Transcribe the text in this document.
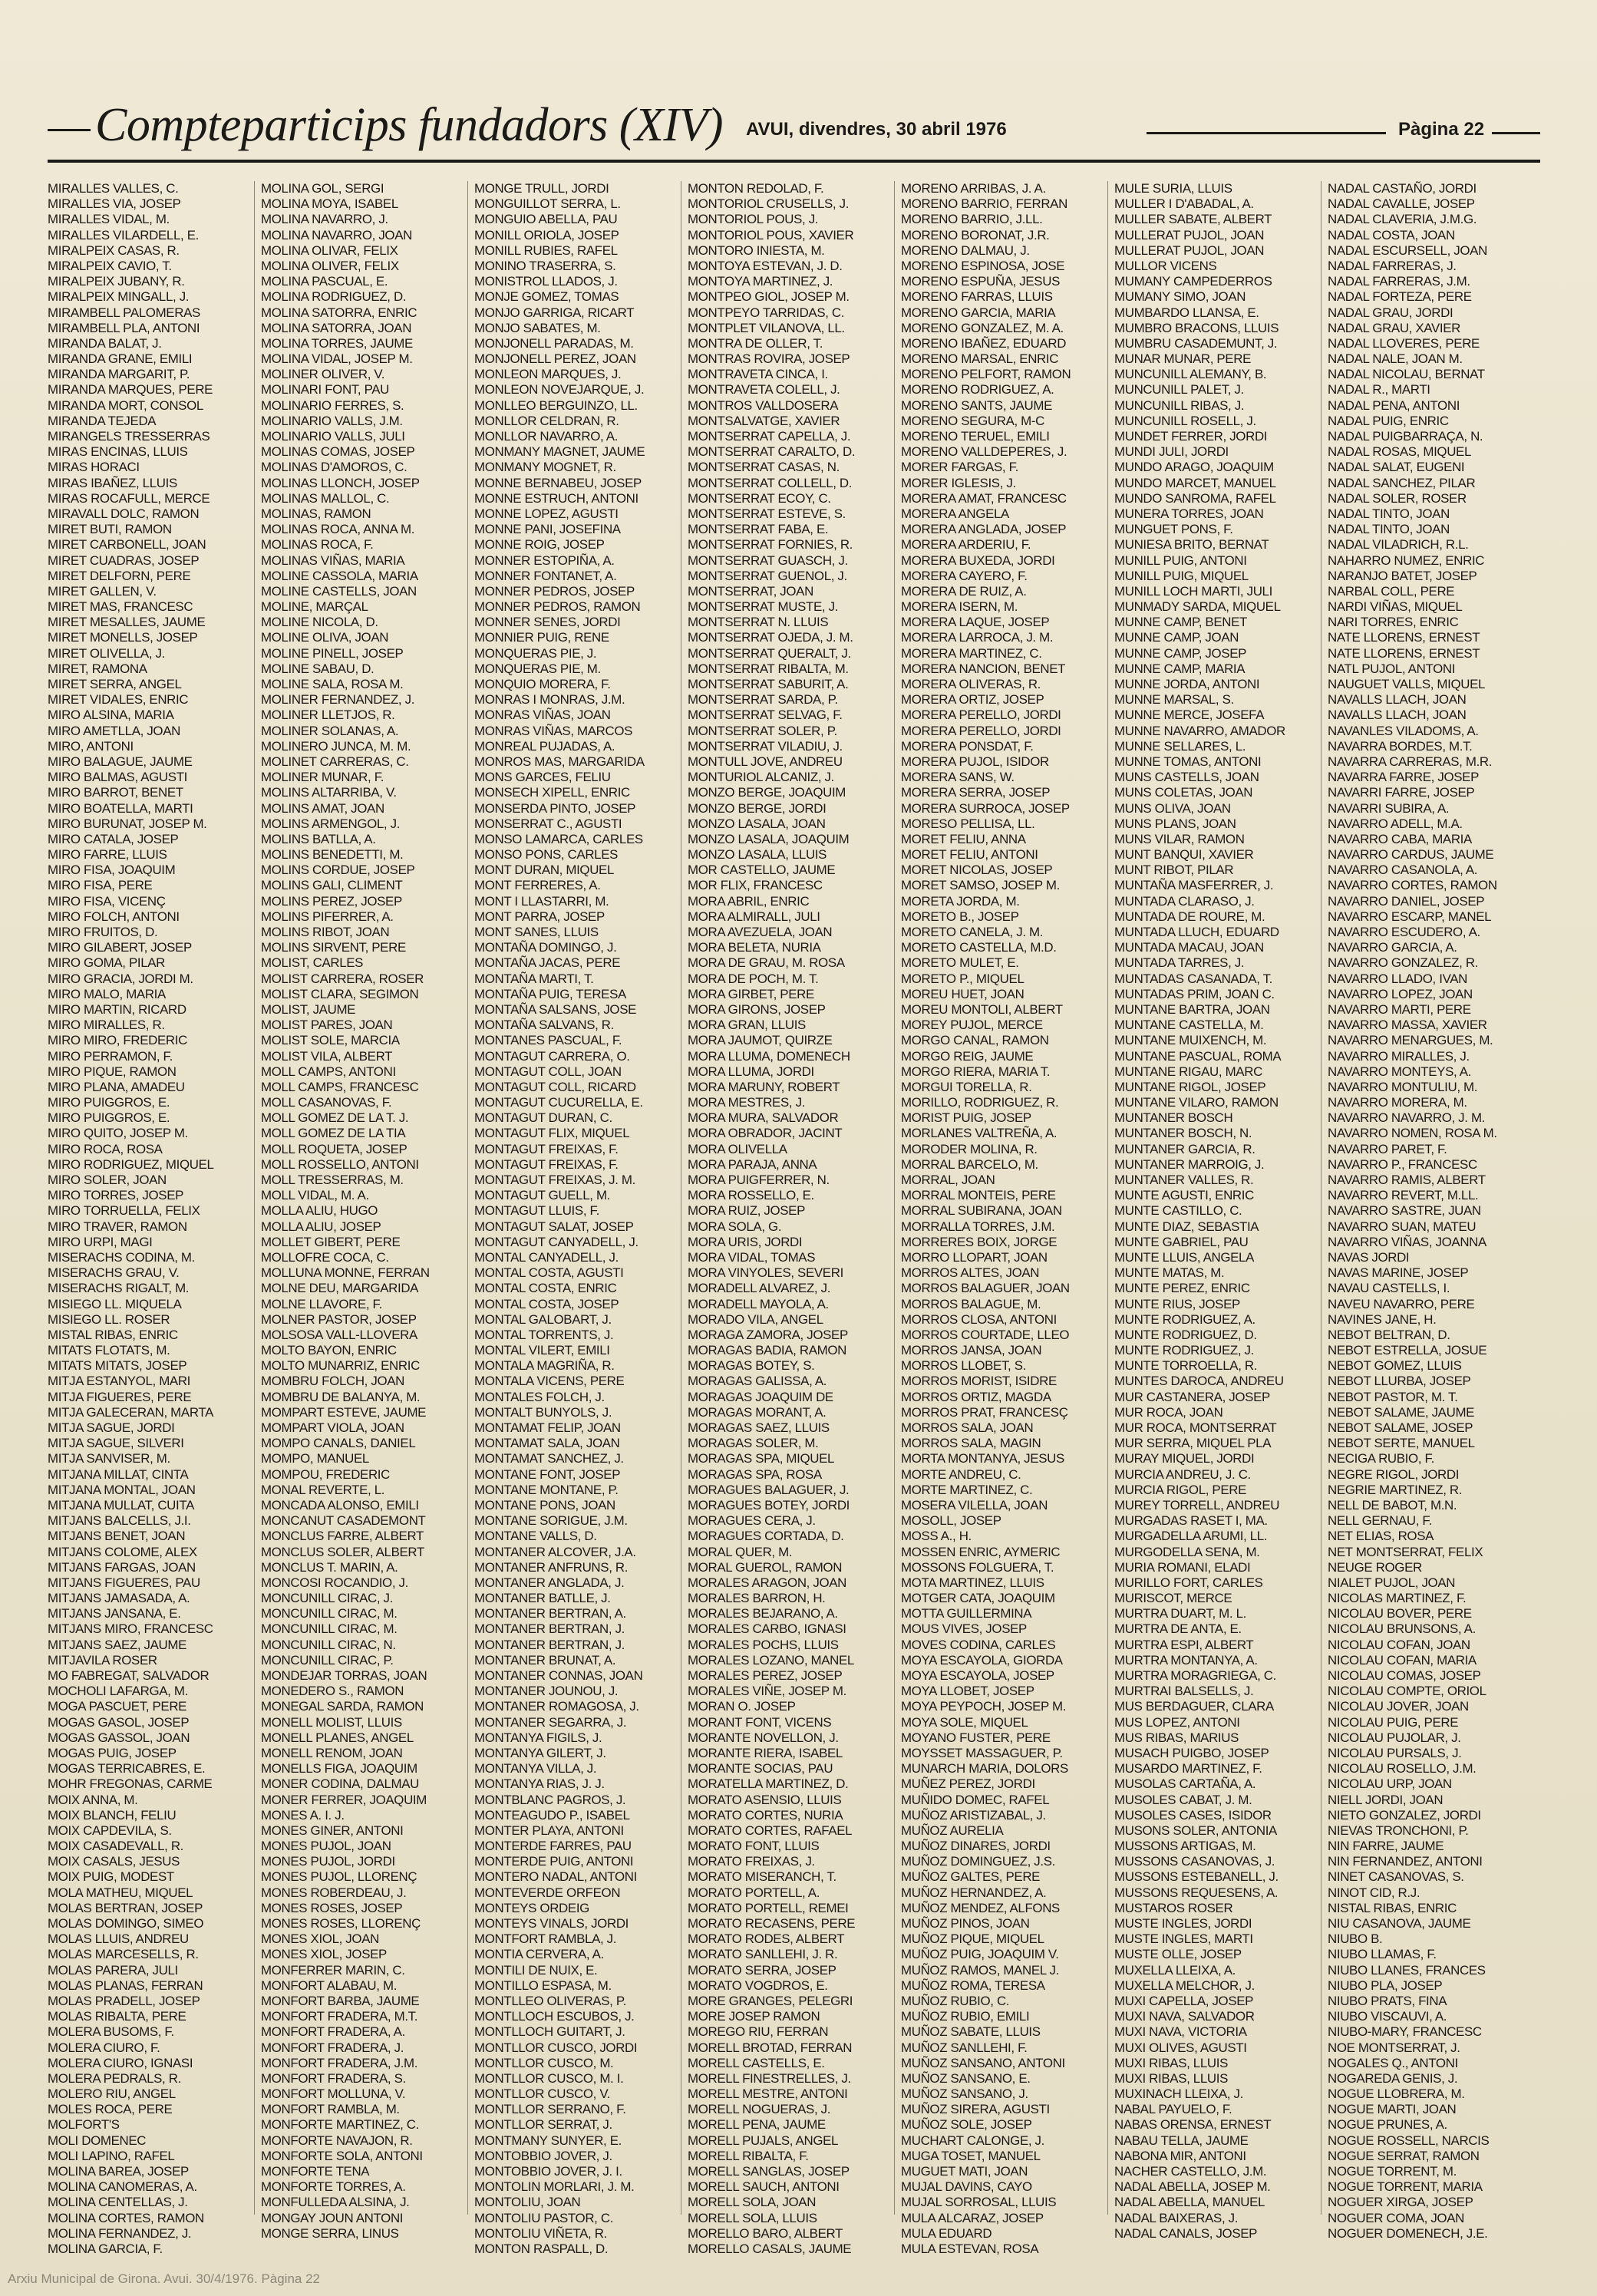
Compteparticips fundadors (XIV) AVUI, divendres, 30 abril 1976	Pàgina 22
MIRALLES VALLES, C.
MIRALLES VIA, JOSEP
MIRALLES VIDAL, M.
MIRALLES VILARDELL, E.
MIRALPEIX CASAS, R.
MIRALPEIX CAVIO, T.
MIRALPEIX JUBANY, R.
MIRALPEIX MINGALL, J.
MIRAMBELL PALOMERAS
MIRAMBELL PLA, ANTONI
MIRANDA BALAT, J.
MIRANDA GRANE, EMILI
MIRANDA MARGARIT, P.
MIRANDA MARQUES, PERE
MIRANDA MORT, CONSOL
MIRANDA TEJEDA
MIRANGELS TRESSERRAS
MIRAS ENCINAS, LLUIS
MIRAS HORACI
MIRAS IBAÑEZ, LLUIS
MIRAS ROCAFULL, MERCE
MIRAVALL DOLC, RAMON
MIRET BUTI, RAMON
MIRET CARBONELL, JOAN
MIRET CUADRAS, JOSEP
MIRET DELFORN, PERE
MIRET GALLEN, V.
MIRET MAS, FRANCESC
MIRET MESALLES, JAUME
MIRET MONELLS, JOSEP
MIRET OLIVELLA, J.
MIRET, RAMONA
MIRET SERRA, ANGEL
MIRET VIDALES, ENRIC
MIRO ALSINA, MARIA
MIRO AMETLLA, JOAN
MIRO, ANTONI
MIRO BALAGUE, JAUME
MIRO BALMAS, AGUSTI
MIRO BARROT, BENET
MIRO BOATELLA, MARTI
MIRO BURUNAT, JOSEP M.
MIRO CATALA, JOSEP
MIRO FARRE, LLUIS
MIRO FISA, JOAQUIM
MIRO FISA, PERE
MIRO FISA, VICENÇ
MIRO FOLCH, ANTONI
MIRO FRUITOS, D.
MIRO GILABERT, JOSEP
MIRO GOMA, PILAR
MIRO GRACIA, JORDI M.
MIRO MALO, MARIA
MIRO MARTIN, RICARD
MIRO MIRALLES, R.
MIRO MIRO, FREDERIC
MIRO PERRAMON, F.
MIRO PIQUE, RAMON
MIRO PLANA, AMADEU
MIRO PUIGGROS, E.
MIRO PUIGGROS, E.
MIRO QUITO, JOSEP M.
MIRO ROCA, ROSA
MIRO RODRIGUEZ, MIQUEL
MIRO SOLER, JOAN
MIRO TORRES, JOSEP
MIRO TORRUELLA, FELIX
MIRO TRAVER, RAMON
MIRO URPI, MAGI
MISERACHS CODINA, M.
MISERACHS GRAU, V.
MISERACHS RIGALT, M.
MISIEGO LL. MIQUELA
MISIEGO LL. ROSER
MISTAL RIBAS, ENRIC
MITATS FLOTATS, M.
MITATS MITATS, JOSEP
MITJA ESTANYOL, MARI
MITJA FIGUERES, PERE
MITJA GALECERAN, MARTA
MITJA SAGUE, JORDI
MITJA SAGUE, SILVERI
MITJA SANVISER, M.
MITJANA MILLAT, CINTA
MITJANA MONTAL, JOAN
MITJANA MULLAT, CUITA
MITJANS BALCELLS, J.I.
MITJANS BENET, JOAN
MITJANS COLOME, ALEX
MITJANS FARGAS, JOAN
MITJANS FIGUERES, PAU
MITJANS JAMASADA, A.
MITJANS JANSANA, E.
MITJANS MIRO, FRANCESC
MITJANS SAEZ, JAUME
MITJAVILA ROSER
MO FABREGAT, SALVADOR
MOCHOLI LAFARGA, M.
MOGA PASCUET, PERE
MOGAS GASOL, JOSEP
MOGAS GASSOL, JOAN
MOGAS PUIG, JOSEP
MOGAS TERRICABRES, E.
MOHR FREGONAS, CARME
MOIX ANNA, M.
MOIX BLANCH, FELIU
MOIX CAPDEVILA, S.
MOIX CASADEVALL, R.
MOIX CASALS, JESUS
MOIX PUIG, MODEST
MOLA MATHEU, MIQUEL
MOLAS BERTRAN, JOSEP
MOLAS DOMINGO, SIMEO
MOLAS LLUIS, ANDREU
MOLAS MARCESELLS, R.
MOLAS PARERA, JULI
MOLAS PLANAS, FERRAN
MOLAS PRADELL, JOSEP
MOLAS RIBALTA, PERE
MOLERA BUSOMS, F.
MOLERA CIURO, F.
MOLERA CIURO, IGNASI
MOLERA PEDRALS, R.
MOLERO RIU, ANGEL
MOLES ROCA, PERE
MOLFORT'S
MOLI DOMENEC
MOLI LAPINO, RAFEL
MOLINA BAREA, JOSEP
MOLINA CANOMERAS, A.
MOLINA CENTELLAS, J.
MOLINA CORTES, RAMON
MOLINA FERNANDEZ, J.
MOLINA GARCIA, F.
MOLINA GOL, SERGI
MOLINA MOYA, ISABEL
MOLINA NAVARRO, J.
MOLINA NAVARRO, JOAN
MOLINA OLIVAR, FELIX
MOLINA OLIVER, FELIX
MOLINA PASCUAL, E.
MOLINA RODRIGUEZ, D.
MOLINA SATORRA, ENRIC
MOLINA SATORRA, JOAN
MOLINA TORRES, JAUME
MOLINA VIDAL, JOSEP M.
MOLINER OLIVER, V.
MOLINARI FONT, PAU
MOLINARIO FERRES, S.
MOLINARIO VALLS, J.M.
MOLINARIO VALLS, JULI
MOLINAS COMAS, JOSEP
MOLINAS D'AMOROS, C.
MOLINAS LLONCH, JOSEP
MOLINAS MALLOL, C.
MOLINAS, RAMON
MOLINAS ROCA, ANNA M.
MOLINAS ROCA, F.
MOLINAS VIÑAS, MARIA
MOLINE CASSOLA, MARIA
MOLINE CASTELLS, JOAN
MOLINE, MARÇAL
MOLINE NICOLA, D.
MOLINE OLIVA, JOAN
MOLINE PINELL, JOSEP
MOLINE SABAU, D.
MOLINE SALA, ROSA M.
MOLINER FERNANDEZ, J.
MOLINER LLETJOS, R.
MOLINER SOLANAS, A.
MOLINERO JUNCA, M. M.
MOLINET CARRERAS, C.
MOLINER MUNAR, F.
MOLINS ALTARRIBA, V.
MOLINS AMAT, JOAN
MOLINS ARMENGOL, J.
MOLINS BATLLA, A.
MOLINS BENEDETTI, M.
MOLINS CORDUE, JOSEP
MOLINS GALI, CLIMENT
MOLINS PEREZ, JOSEP
MOLINS PIFERRER, A.
MOLINS RIBOT, JOAN
MOLINS SIRVENT, PERE
MOLIST, CARLES
MOLIST CARRERA, ROSER
MOLIST CLARA, SEGIMON
MOLIST, JAUME
MOLIST PARES, JOAN
MOLIST SOLE, MARCIA
MOLIST VILA, ALBERT
MOLL CAMPS, ANTONI
MOLL CAMPS, FRANCESC
MOLL CASANOVAS, F.
MOLL GOMEZ DE LA T. J.
MOLL GOMEZ DE LA TIA
MOLL ROQUETA, JOSEP
MOLL ROSSELLO, ANTONI
MOLL TRESSERRAS, M.
MOLL VIDAL, M. A.
MOLLA ALIU, HUGO
MOLLA ALIU, JOSEP
MOLLET GIBERT, PERE
MOLLOFRE COCA, C.
MOLLUNA MONNE, FERRAN
MOLNE DEU, MARGARIDA
MOLNE LLAVORE, F.
MOLNER PASTOR, JOSEP
MOLSOSA VALL-LLOVERA
MOLTO BAYON, ENRIC
MOLTO MUNARRIZ, ENRIC
MOMBRU FOLCH, JOAN
MOMBRU DE BALANYA, M.
MOMPART ESTEVE, JAUME
MOMPART VIOLA, JOAN
MOMPO CANALS, DANIEL
MOMPO, MANUEL
MOMPOU, FREDERIC
MONAL REVERTE, L.
MONCADA ALONSO, EMILI
MONCANUT CASADEMONT
MONCLUS FARRE, ALBERT
MONCLUS SOLER, ALBERT
MONCLUS T. MARIN, A.
MONCOSI ROCANDIO, J.
MONCUNILL CIRAC, J.
MONCUNILL CIRAC, M.
MONCUNILL CIRAC, M.
MONCUNILL CIRAC, N.
MONCUNILL CIRAC, P.
MONDEJAR TORRAS, JOAN
MONEDERO S., RAMON
MONEGAL SARDA, RAMON
MONELL MOLIST, LLUIS
MONELL PLANES, ANGEL
MONELL RENOM, JOAN
MONELLS FIGA, JOAQUIM
MONER CODINA, DALMAU
MONER FERRER, JOAQUIM
MONES A. I. J.
MONES GINER, ANTONI
MONES PUJOL, JOAN
MONES PUJOL, JORDI
MONES PUJOL, LLORENÇ
MONES ROBERDEAU, J.
MONES ROSES, JOSEP
MONES ROSES, LLORENÇ
MONES XIOL, JOAN
MONES XIOL, JOSEP
MONFERRER MARIN, C.
MONFORT ALABAU, M.
MONFORT BARBA, JAUME
MONFORT FRADERA, M.T.
MONFORT FRADERA, A.
MONFORT FRADERA, J.
MONFORT FRADERA, J.M.
MONFORT FRADERA, S.
MONFORT MOLLUNA, V.
MONFORT RAMBLA, M.
MONFORTE MARTINEZ, C.
MONFORTE NAVAJON, R.
MONFORTE SOLA, ANTONI
MONFORTE TENA
MONFORTE TORRES, A.
MONFULLEDA ALSINA, J.
MONGAY JOUN ANTONI
MONGE SERRA, LINUS
MONGE TRULL, JORDI
MONGUILLOT SERRA, L.
MONGUIO ABELLA, PAU
MONILL ORIOLA, JOSEP
MONILL RUBIES, RAFEL
MONINO TRASERRA, S.
MONISTROL LLADOS, J.
MONJE GOMEZ, TOMAS
MONJO GARRIGA, RICART
MONJO SABATES, M.
MONJONELL PARADAS, M.
MONJONELL PEREZ, JOAN
MONLEON MARQUES, J.
MONLEON NOVEJARQUE, J.
MONLLEO BERGUINZO, LL.
MONLLOR CELDRAN, R.
MONLLOR NAVARRO, A.
MONMANY MAGNET, JAUME
MONMANY MOGNET, R.
MONNE BERNABEU, JOSEP
MONNE ESTRUCH, ANTONI
MONNE LOPEZ, AGUSTI
MONNE PANI, JOSEFINA
MONNE ROIG, JOSEP
MONNER ESTOPIÑA, A.
MONNER FONTANET, A.
MONNER PEDROS, JOSEP
MONNER PEDROS, RAMON
MONNER SENES, JORDI
MONNIER PUIG, RENE
MONQUERAS PIE, J.
MONQUERAS PIE, M.
MONQUIO MORERA, F.
MONRAS I MONRAS, J.M.
MONRAS VIÑAS, JOAN
MONRAS VIÑAS, MARCOS
MONREAL PUJADAS, A.
MONROS MAS, MARGARIDA
MONS GARCES, FELIU
MONSECH XIPELL, ENRIC
MONSERDA PINTO, JOSEP
MONSERRAT C., AGUSTI
MONSO LAMARCA, CARLES
MONSO PONS, CARLES
MONT DURAN, MIQUEL
MONT FERRERES, A.
MONT I LLASTARRI, M.
MONT PARRA, JOSEP
MONT SANES, LLUIS
MONTAÑA DOMINGO, J.
MONTAÑA JACAS, PERE
MONTAÑA MARTI, T.
MONTAÑA PUIG, TERESA
MONTAÑA SALSANS, JOSE
MONTAÑA SALVANS, R.
MONTANES PASCUAL, F.
MONTAGUT CARRERA, O.
MONTAGUT COLL, JOAN
MONTAGUT COLL, RICARD
MONTAGUT CUCURELLA, E.
MONTAGUT DURAN, C.
MONTAGUT FLIX, MIQUEL
MONTAGUT FREIXAS, F.
MONTAGUT FREIXAS, F.
MONTAGUT FREIXAS, J. M.
MONTAGUT GUELL, M.
MONTAGUT LLUIS, F.
MONTAGUT SALAT, JOSEP
MONTAGUT CANYADELL, J.
MONTAL CANYADELL, J.
MONTAL COSTA, AGUSTI
MONTAL COSTA, ENRIC
MONTAL COSTA, JOSEP
MONTAL GALOBART, J.
MONTAL TORRENTS, J.
MONTAL VILERT, EMILI
MONTALA MAGRIÑA, R.
MONTALA VICENS, PERE
MONTALES FOLCH, J.
MONTALT BUNYOLS, J.
MONTAMAT FELIP, JOAN
MONTAMAT SALA, JOAN
MONTAMAT SANCHEZ, J.
MONTANE FONT, JOSEP
MONTANE MONTANE, P.
MONTANE PONS, JOAN
MONTANE SORIGUE, J.M.
MONTANE VALLS, D.
MONTANER ALCOVER, J.A.
MONTANER ANFRUNS, R.
MONTANER ANGLADA, J.
MONTANER BATLLE, J.
MONTANER BERTRAN, A.
MONTANER BERTRAN, J.
MONTANER BERTRAN, J.
MONTANER BRUNAT, A.
MONTANER CONNAS, JOAN
MONTANER JOUNOU, J.
MONTANER ROMAGOSA, J.
MONTANER SEGARRA, J.
MONTANYA FIGILS, J.
MONTANYA GILERT, J.
MONTANYA VILLA, J.
MONTANYA RIAS, J. J.
MONTBLANC PAGROS, J.
MONTEAGUDO P., ISABEL
MONTER PLAYA, ANTONI
MONTERDE FARRES, PAU
MONTERDE PUIG, ANTONI
MONTERO NADAL, ANTONI
MONTEVERDE ORFEON
MONTEYS ORDEIG
MONTEYS VINALS, JORDI
MONTFORT RAMBLA, J.
MONTIA CERVERA, A.
MONTILI DE NUIX, E.
MONTILLO ESPASA, M.
MONTLLEO OLIVERAS, P.
MONTLLOCH ESCUBOS, J.
MONTLLOCH GUITART, J.
MONTLLOR CUSCO, JORDI
MONTLLOR CUSCO, M.
MONTLLOR CUSCO, M. I.
MONTLLOR CUSCO, V.
MONTLLOR SERRANO, F.
MONTLLOR SERRAT, J.
MONTMANY SUNYER, E.
MONTOBBIO JOVER, J.
MONTOBBIO JOVER, J. I.
MONTOLIN MORLARI, J. M.
MONTOLIU, JOAN
MONTOLIU PASTOR, C.
MONTOLIU VIÑETA, R.
MONTON RASPALL, D.
MONTON REDOLAD, F.
MONTORIOL CRUSELLS, J.
MONTORIOL POUS, J.
MONTORIOL POUS, XAVIER
MONTORO INIESTA, M.
MONTOYA ESTEVAN, J. D.
MONTOYA MARTINEZ, J.
MONTPEO GIOL, JOSEP M.
MONTPEYO TARRIDAS, C.
MONTPLET VILANOVA, LL.
MONTRA DE OLLER, T.
MONTRAS ROVIRA, JOSEP
MONTRAVETA CINCA, I.
MONTRAVETA COLELL, J.
MONTROS VALLDOSERA
MONTSALVATGE, XAVIER
MONTSERRAT CAPELLA, J.
MONTSERRAT CARALTO, D.
MONTSERRAT CASAS, N.
MONTSERRAT COLLELL, D.
MONTSERRAT ECOY, C.
MONTSERRAT ESTEVE, S.
MONTSERRAT FABA, E.
MONTSERRAT FORNIES, R.
MONTSERRAT GUASCH, J.
MONTSERRAT GUENOL, J.
MONTSERRAT, JOAN
MONTSERRAT MUSTE, J.
MONTSERRAT N. LLUIS
MONTSERRAT OJEDA, J. M.
MONTSERRAT QUERALT, J.
MONTSERRAT RIBALTA, M.
MONTSERRAT SABURIT, A.
MONTSERRAT SARDA, P.
MONTSERRAT SELVAG, F.
MONTSERRAT SOLER, P.
MONTSERRAT VILADIU, J.
MONTULL JOVE, ANDREU
MONTURIOL ALCANIZ, J.
MONZO BERGE, JOAQUIM
MONZO BERGE, JORDI
MONZO LASALA, JOAN
MONZO LASALA, JOAQUIM
MONZO LASALA, LLUIS
MOR CASTELLO, JAUME
MOR FLIX, FRANCESC
MORA ABRIL, ENRIC
MORA ALMIRALL, JULI
MORA AVEZUELA, JOAN
MORA BELETA, NURIA
MORA DE GRAU, M. ROSA
MORA DE POCH, M. T.
MORA GIRBET, PERE
MORA GIRONS, JOSEP
MORA GRAN, LLUIS
MORA JAUMOT, QUIRZE
MORA LLUMA, DOMENECH
MORA LLUMA, JORDI
MORA MARUNY, ROBERT
MORA MESTRES, J.
MORA MURA, SALVADOR
MORA OBRADOR, JACINT
MORA OLIVELLA
MORA PARAJA, ANNA
MORA PUIGFERRER, N.
MORA ROSSELLO, E.
MORA RUIZ, JOSEP
MORA SOLA, G.
MORA URIS, JORDI
MORA VIDAL, TOMAS
MORA VINYOLES, SEVERI
MORADELL ALVAREZ, J.
MORADELL MAYOLA, A.
MORADO VILA, ANGEL
MORAGA ZAMORA, JOSEP
MORAGAS BADIA, RAMON
MORAGAS BOTEY, S.
MORAGAS GALISSA, A.
MORAGAS JOAQUIM DE
MORAGAS MORANT, A.
MORAGAS SAEZ, LLUIS
MORAGAS SOLER, M.
MORAGAS SPA, MIQUEL
MORAGAS SPA, ROSA
MORAGUES BALAGUER, J.
MORAGUES BOTEY, JORDI
MORAGUES CERA, J.
MORAGUES CORTADA, D.
MORAL QUER, M.
MORAL GUEROL, RAMON
MORALES ARAGON, JOAN
MORALES BARRON, H.
MORALES BEJARANO, A.
MORALES CARBO, IGNASI
MORALES POCHS, LLUIS
MORALES LOZANO, MANEL
MORALES PEREZ, JOSEP
MORALES VIÑE, JOSEP M.
MORAN O. JOSEP
MORANT FONT, VICENS
MORANTE NOVELLON, J.
MORANTE RIERA, ISABEL
MORANTE SOCIAS, PAU
MORATELLA MARTINEZ, D.
MORATO ASENSIO, LLUIS
MORATO CORTES, NURIA
MORATO CORTES, RAFAEL
MORATO FONT, LLUIS
MORATO FREIXAS, J.
MORATO MISERANCH, T.
MORATO PORTELL, A.
MORATO PORTELL, REMEI
MORATO RECASENS, PERE
MORATO RODES, ALBERT
MORATO SANLLEHI, J. R.
MORATO SERRA, JOSEP
MORATO VOGDROS, E.
MORE GRANGES, PELEGRI
MORE JOSEP RAMON
MOREGO RIU, FERRAN
MORELL BROTAD, FERRAN
MORELL CASTELLS, E.
MORELL FINESTRELLES, J.
MORELL MESTRE, ANTONI
MORELL NOGUERAS, J.
MORELL PENA, JAUME
MORELL PUJALS, ANGEL
MORELL RIBALTA, F.
MORELL SANGLAS, JOSEP
MORELL SAUCH, ANTONI
MORELL SOLA, JOAN
MORELL SOLA, LLUIS
MORELLO BARO, ALBERT
MORELLO CASALS, JAUME
MORENO ARRIBAS, J. A.
MORENO BARRIO, FERRAN
MORENO BARRIO, J.LL.
MORENO BORONAT, J.R.
MORENO DALMAU, J.
MORENO ESPINOSA, JOSE
MORENO ESPUÑA, JESUS
MORENO FARRAS, LLUIS
MORENO GARCIA, MARIA
MORENO GONZALEZ, M. A.
MORENO IBAÑEZ, EDUARD
MORENO MARSAL, ENRIC
MORENO PELFORT, RAMON
MORENO RODRIGUEZ, A.
MORENO SANTS, JAUME
MORENO SEGURA, M-C
MORENO TERUEL, EMILI
MORENO VALLDEPERES, J.
MORER FARGAS, F.
MORER IGLESIS, J.
MORERA AMAT, FRANCESC
MORERA ANGELA
MORERA ANGLADA, JOSEP
MORERA ARDERIU, F.
MORERA BUXEDA, JORDI
MORERA CAYERO, F.
MORERA DE RUIZ, A.
MORERA ISERN, M.
MORERA LAQUE, JOSEP
MORERA LARROCA, J. M.
MORERA MARTINEZ, C.
MORERA NANCION, BENET
MORERA OLIVERAS, R.
MORERA ORTIZ, JOSEP
MORERA PERELLO, JORDI
MORERA PERELLO, JORDI
MORERA PONSDAT, F.
MORERA PUJOL, ISIDOR
MORERA SANS, W.
MORERA SERRA, JOSEP
MORERA SURROCA, JOSEP
MORESO PELLISA, LL.
MORET FELIU, ANNA
MORET FELIU, ANTONI
MORET NICOLAS, JOSEP
MORET SAMSO, JOSEP M.
MORETA JORDA, M.
MORETO B., JOSEP
MORETO CANELA, J. M.
MORETO CASTELLA, M.D.
MORETO MULET, E.
MORETO P., MIQUEL
MOREU HUET, JOAN
MOREU MONTOLI, ALBERT
MOREY PUJOL, MERCE
MORGO CANAL, RAMON
MORGO REIG, JAUME
MORGO RIERA, MARIA T.
MORGUI TORELLA, R.
MORILLO, RODRIGUEZ, R.
MORIST PUIG, JOSEP
MORLANES VALTREÑA, A.
MORODER MOLINA, R.
MORRAL BARCELO, M.
MORRAL, JOAN
MORRAL MONTEIS, PERE
MORRAL SUBIRANA, JOAN
MORRALLA TORRES, J.M.
MORRERES BOIX, JORGE
MORRO LLOPART, JOAN
MORROS ALTES, JOAN
MORROS BALAGUER, JOAN
MORROS BALAGUE, M.
MORROS CLOSA, ANTONI
MORROS COURTADE, LLEO
MORROS JANSA, JOAN
MORROS LLOBET, S.
MORROS MORIST, ISIDRE
MORROS ORTIZ, MAGDA
MORROS PRAT, FRANCESÇ
MORROS SALA, JOAN
MORROS SALA, MAGIN
MORTA MONTANYA, JESUS
MORTE ANDREU, C.
MORTE MARTINEZ, C.
MOSERA VILELLA, JOAN
MOSOLL, JOSEP
MOSS A., H.
MOSSEN ENRIC, AYMERIC
MOSSONS FOLGUERA, T.
MOTA MARTINEZ, LLUIS
MOTGER CATA, JOAQUIM
MOTTA GUILLERMINA
MOUS VIVES, JOSEP
MOVES CODINA, CARLES
MOYA ESCAYOLA, GIORDA
MOYA ESCAYOLA, JOSEP
MOYA LLOBET, JOSEP
MOYA PEYPOCH, JOSEP M.
MOYA SOLE, MIQUEL
MOYANO FUSTER, PERE
MOYSSET MASSAGUER, P.
MUNARCH MARIA, DOLORS
MUÑEZ PEREZ, JORDI
MUÑIDO DOMEC, RAFEL
MUÑOZ ARISTIZABAL, J.
MUÑOZ AURELIA
MUÑOZ DINARES, JORDI
MUÑOZ DOMINGUEZ, J.S.
MUÑOZ GALTES, PERE
MUÑOZ HERNANDEZ, A.
MUÑOZ MENDEZ, ALFONS
MUÑOZ PINOS, JOAN
MUÑOZ PIQUE, MIQUEL
MUÑOZ PUIG, JOAQUIM V.
MUÑOZ RAMOS, MANEL J.
MUÑOZ ROMA, TERESA
MUÑOZ RUBIO, C.
MUÑOZ RUBIO, EMILI
MUÑOZ SABATE, LLUIS
MUÑOZ SANLLEHI, F.
MUÑOZ SANSANO, ANTONI
MUÑOZ SANSANO, E.
MUÑOZ SANSANO, J.
MUÑOZ SIRERA, AGUSTI
MUÑOZ SOLE, JOSEP
MUCHART CALONGE, J.
MUGA TOSET, MANUEL
MUGUET MATI, JOAN
MUJAL DAVINS, CAYO
MUJAL SORROSAL, LLUIS
MULA ALCARAZ, JOSEP
MULA EDUARD
MULA ESTEVAN, ROSA
MULE SURIA, LLUIS
MULLER I D'ABADAL, A.
MULLER SABATE, ALBERT
MULLERAT PUJOL, JOAN
MULLERAT PUJOL, JOAN
MULLOR VICENS
MUMANY CAMPEDERROS
MUMANY SIMO, JOAN
MUMBARDO LLANSA, E.
MUMBRO BRACONS, LLUIS
MUMBRU CASADEMUNT, J.
MUNAR MUNAR, PERE
MUNCUNILL ALEMANY, B.
MUNCUNILL PALET, J.
MUNCUNILL RIBAS, J.
MUNCUNILL ROSELL, J.
MUNDET FERRER, JORDI
MUNDI JULI, JORDI
MUNDO ARAGO, JOAQUIM
MUNDO MARCET, MANUEL
MUNDO SANROMA, RAFEL
MUNERA TORRES, JOAN
MUNGUET PONS, F.
MUNIESA BRITO, BERNAT
MUNILL PUIG, ANTONI
MUNILL PUIG, MIQUEL
MUNILL LOCH MARTI, JULI
MUNMADY SARDA, MIQUEL
MUNNE CAMP, BENET
MUNNE CAMP, JOAN
MUNNE CAMP, JOSEP
MUNNE CAMP, MARIA
MUNNE JORDA, ANTONI
MUNNE MARSAL, S.
MUNNE MERCE, JOSEFA
MUNNE NAVARRO, AMADOR
MUNNE SELLARES, L.
MUNNE TOMAS, ANTONI
MUNS CASTELLS, JOAN
MUNS COLETAS, JOAN
MUNS OLIVA, JOAN
MUNS PLANS, JOAN
MUNS VILAR, RAMON
MUNT BANQUI, XAVIER
MUNT RIBOT, PILAR
MUNTAÑA MASFERRER, J.
MUNTADA CLARASO, J.
MUNTADA DE ROURE, M.
MUNTADA LLUCH, EDUARD
MUNTADA MACAU, JOAN
MUNTADA TARRES, J.
MUNTADAS CASANADA, T.
MUNTADAS PRIM, JOAN C.
MUNTANE BARTRA, JOAN
MUNTANE CASTELLA, M.
MUNTANE MUIXENCH, M.
MUNTANE PASCUAL, ROMA
MUNTANE RIGAU, MARC
MUNTANE RIGOL, JOSEP
MUNTANE VILARO, RAMON
MUNTANER BOSCH
MUNTANER BOSCH, N.
MUNTANER GARCIA, R.
MUNTANER MARROIG, J.
MUNTANER VALLES, R.
MUNTE AGUSTI, ENRIC
MUNTE CASTILLO, C.
MUNTE DIAZ, SEBASTIA
MUNTE GABRIEL, PAU
MUNTE LLUIS, ANGELA
MUNTE MATAS, M.
MUNTE PEREZ, ENRIC
MUNTE RIUS, JOSEP
MUNTE RODRIGUEZ, A.
MUNTE RODRIGUEZ, D.
MUNTE RODRIGUEZ, J.
MUNTE TORROELLA, R.
MUNTES DAROCA, ANDREU
MUR CASTANERA, JOSEP
MUR ROCA, JOAN
MUR ROCA, MONTSERRAT
MUR SERRA, MIQUEL PLA
MURAY MIQUEL, JORDI
MURCIA ANDREU, J. C.
MURCIA RIGOL, PERE
MUREY TORRELL, ANDREU
MURGADAS RASET I, MA.
MURGADELLA ARUMI, LL.
MURGODELLA SENA, M.
MURIA ROMANI, ELADI
MURILLO FORT, CARLES
MURISCOT, MERCE
MURTRA DUART, M. L.
MURTRA DE ANTA, E.
MURTRA ESPI, ALBERT
MURTRA MONTANYA, A.
MURTRA MORAGRIEGA, C.
MURTRAI BALSELLS, J.
MUS BERDAGUER, CLARA
MUS LOPEZ, ANTONI
MUS RIBAS, MARIUS
MUSACH PUIGBO, JOSEP
MUSARDO MARTINEZ, F.
MUSOLAS CARTAÑA, A.
MUSOLES CABAT, J. M.
MUSOLES CASES, ISIDOR
MUSONS SOLER, ANTONIA
MUSSONS ARTIGAS, M.
MUSSONS CASANOVAS, J.
MUSSONS ESTEBANELL, J.
MUSSONS REQUESENS, A.
MUSTAROS ROSER
MUSTE INGLES, JORDI
MUSTE INGLES, MARTI
MUSTE OLLE, JOSEP
MUXELLA LLEIXA, A.
MUXELLA MELCHOR, J.
MUXI CAPELLA, JOSEP
MUXI NAVA, SALVADOR
MUXI NAVA, VICTORIA
MUXI OLIVES, AGUSTI
MUXI RIBAS, LLUIS
MUXI RIBAS, LLUIS
MUXINACH LLEIXA, J.
NABAL PAYUELO, F.
NABAS ORENSA, ERNEST
NABAU TELLA, JAUME
NABONA MIR, ANTONI
NACHER CASTELLO, J.M.
NADAL ABELLA, JOSEP M.
NADAL ABELLA, MANUEL
NADAL BAIXERAS, J.
NADAL CANALS, JOSEP
NADAL CASTAÑO, JORDI
NADAL CAVALLE, JOSEP
NADAL CLAVERIA, J.M.G.
NADAL COSTA, JOAN
NADAL ESCURSELL, JOAN
NADAL FARRERAS, J.
NADAL FARRERAS, J.M.
NADAL FORTEZA, PERE
NADAL GRAU, JORDI
NADAL GRAU, XAVIER
NADAL LLOVERES, PERE
NADAL NALE, JOAN M.
NADAL NICOLAU, BERNAT
NADAL R., MARTI
NADAL PENA, ANTONI
NADAL PUIG, ENRIC
NADAL PUIGBARRAÇA, N.
NADAL ROSAS, MIQUEL
NADAL SALAT, EUGENI
NADAL SANCHEZ, PILAR
NADAL SOLER, ROSER
NADAL TINTO, JOAN
NADAL TINTO, JOAN
NADAL VILADRICH, R.L.
NAHARRO NUMEZ, ENRIC
NARANJO BATET, JOSEP
NARBAL COLL, PERE
NARDI VIÑAS, MIQUEL
NARI TORRES, ENRIC
NATE LLORENS, ERNEST
NATE LLORENS, ERNEST
NATL PUJOL, ANTONI
NAUGUET VALLS, MIQUEL
NAVALLS LLACH, JOAN
NAVALLS LLACH, JOAN
NAVANLES VILADOMS, A.
NAVARRA BORDES, M.T.
NAVARRA CARRERAS, M.R.
NAVARRA FARRE, JOSEP
NAVARRI FARRE, JOSEP
NAVARRI SUBIRA, A.
NAVARRO ADELL, M.A.
NAVARRO CABA, MARIA
NAVARRO CARDUS, JAUME
NAVARRO CASANOLA, A.
NAVARRO CORTES, RAMON
NAVARRO DANIEL, JOSEP
NAVARRO ESCARP, MANEL
NAVARRO ESCUDERO, A.
NAVARRO GARCIA, A.
NAVARRO GONZALEZ, R.
NAVARRO LLADO, IVAN
NAVARRO LOPEZ, JOAN
NAVARRO MARTI, PERE
NAVARRO MASSA, XAVIER
NAVARRO MENARGUES, M.
NAVARRO MIRALLES, J.
NAVARRO MONTEYS, A.
NAVARRO MONTULIU, M.
NAVARRO MORERA, M.
NAVARRO NAVARRO, J. M.
NAVARRO NOMEN, ROSA M.
NAVARRO PARET, F.
NAVARRO P., FRANCESC
NAVARRO RAMIS, ALBERT
NAVARRO REVERT, M.LL.
NAVARRO SASTRE, JUAN
NAVARRO SUAN, MATEU
NAVARRO VIÑAS, JOANNA
NAVAS JORDI
NAVAS MARINE, JOSEP
NAVAU CASTELLS, I.
NAVEU NAVARRO, PERE
NAVINES JANE, H.
NEBOT BELTRAN, D.
NEBOT ESTRELLA, JOSUE
NEBOT GOMEZ, LLUIS
NEBOT LLURBA, JOSEP
NEBOT PASTOR, M. T.
NEBOT SALAME, JAUME
NEBOT SALAME, JOSEP
NEBOT SERTE, MANUEL
NECIGA RUBIO, F.
NEGRE RIGOL, JORDI
NEGRIE MARTINEZ, R.
NELL DE BABOT, M.N.
NELL GERNAU, F.
NET ELIAS, ROSA
NET MONTSERRAT, FELIX
NEUGE ROGER
NIALET PUJOL, JOAN
NICOLAS MARTINEZ, F.
NICOLAU BOVER, PERE
NICOLAU BRUNSONS, A.
NICOLAU COFAN, JOAN
NICOLAU COFAN, MARIA
NICOLAU COMAS, JOSEP
NICOLAU COMPTE, ORIOL
NICOLAU JOVER, JOAN
NICOLAU PUIG, PERE
NICOLAU PUJOLAR, J.
NICOLAU PURSALS, J.
NICOLAU ROSELLO, J.M.
NICOLAU URP, JOAN
NIELL JORDI, JOAN
NIETO GONZALEZ, JORDI
NIEVAS TRONCHONI, P.
NIN FARRE, JAUME
NIN FERNANDEZ, ANTONI
NINET CASANOVAS, S.
NINOT CID, R.J.
NISTAL RIBAS, ENRIC
NIU CASANOVA, JAUME
NIUBO B.
NIUBO LLAMAS, F.
NIUBO LLANES, FRANCES
NIUBO PLA, JOSEP
NIUBO PRATS, FINA
NIUBO VISCAUVI, A.
NIUBO-MARY, FRANCESC
NOE MONTSERRAT, J.
NOGALES Q., ANTONI
NOGAREDA GENIS, J.
NOGUE LLOBRERA, M.
NOGUE MARTI, JOAN
NOGUE PRUNES, A.
NOGUE ROSSELL, NARCIS
NOGUE SERRAT, RAMON
NOGUE TORRENT, M.
NOGUE TORRENT, MARIA
NOGUER XIRGA, JOSEP
NOGUER COMA, JOAN
NOGUER DOMENECH, J.E.
Arxiu Municipal de Girona. Avui. 30/4/1976. Pàgina 22
